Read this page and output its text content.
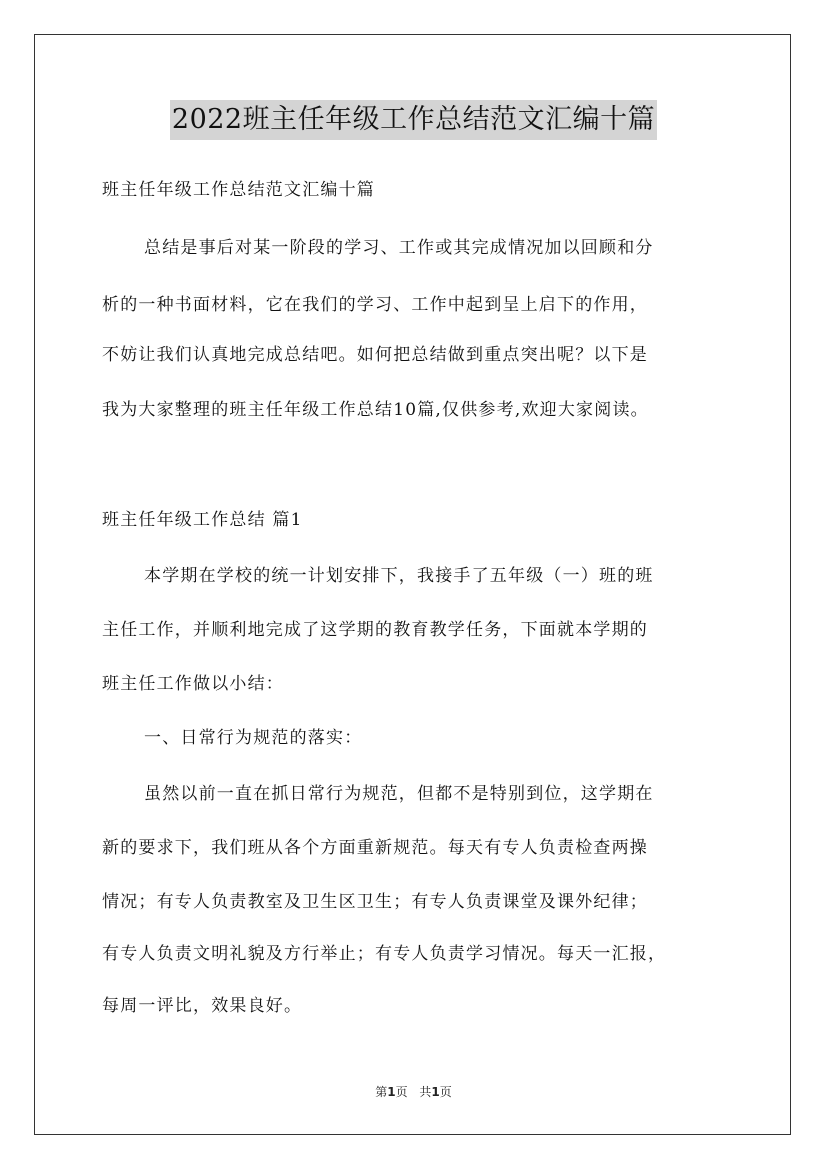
2022班主任年级工作总结范文汇编十篇
班主任年级工作总结范文汇编十篇
总结是事后对某一阶段的学习、工作或其完成情况加以回顾和分
析的一种书面材料，它在我们的学习、工作中起到呈上启下的作用，
不妨让我们认真地完成总结吧。如何把总结做到重点突出呢？以下是
我为大家整理的班主任年级工作总结10篇,仅供参考,欢迎大家阅读。
班主任年级工作总结 篇1
本学期在学校的统一计划安排下，我接手了五年级（一）班的班
主任工作，并顺利地完成了这学期的教育教学任务，下面就本学期的
班主任工作做以小结：
一、日常行为规范的落实：
虽然以前一直在抓日常行为规范，但都不是特别到位，这学期在
新的要求下，我们班从各个方面重新规范。每天有专人负责检查两操
情况；有专人负责教室及卫生区卫生；有专人负责课堂及课外纪律；
有专人负责文明礼貌及方行举止；有专人负责学习情况。每天一汇报，
每周一评比，效果良好。
第1页 共1页
